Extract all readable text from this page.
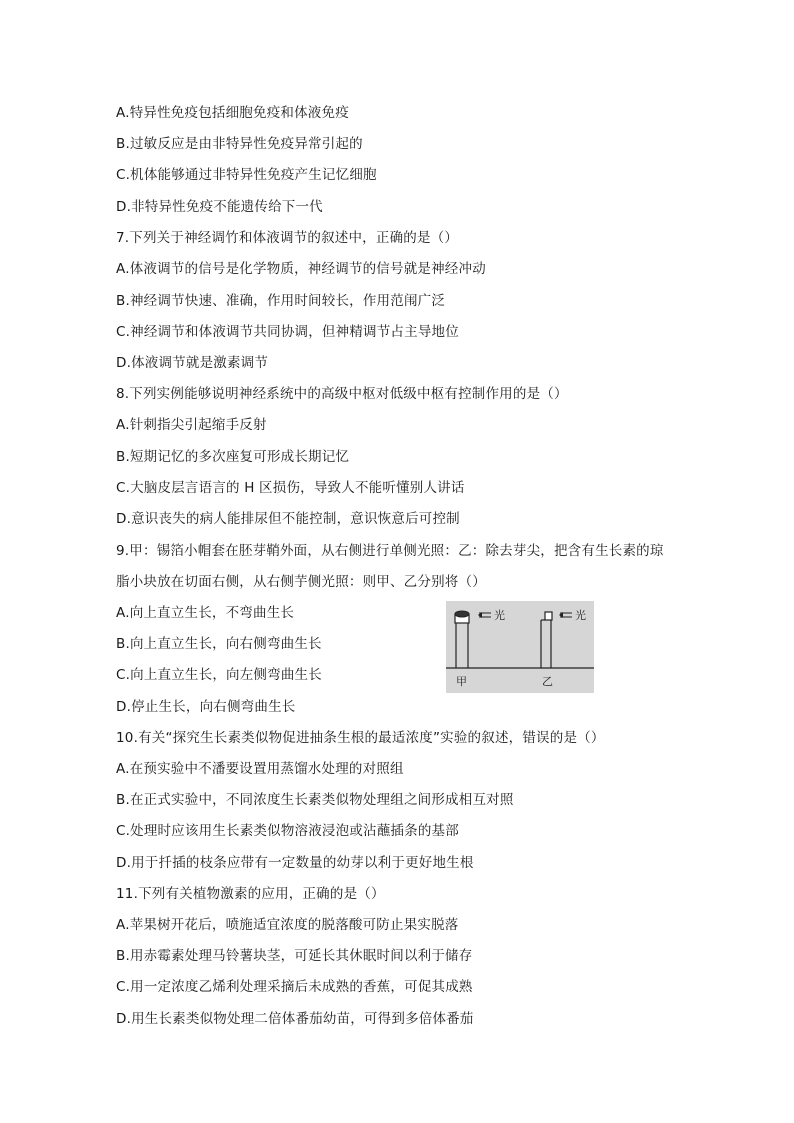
A.特异性免疫包括细胞免疫和体液免疫
B.过敏反应是由非特异性免疫异常引起的
C.机体能够通过非特异性免疫产生记忆细胞
D.非特异性免疫不能遗传给下一代
7.下列关于神经调竹和体液调节的叙述中，正确的是（）
A.体液调节的信号是化学物质，神经调节的信号就是神经冲动
B.神经调节快速、准确，作用时间较长，作用范闱广泛
C.神经调节和体液调节共同协调，但神精调节占主导地位
D.体液调节就是激素调节
8.下列实例能够说明神经系统中的高级中枢对低级中枢有控制作用的是（）
A.针刺指尖引起缩手反射
B.短期记忆的多次座复可形成长期记忆
C.大脑皮层言语言的 H 区损伤，导致人不能听懂别人讲话
D.意识丧失的病人能排尿但不能控制，意识恢意后可控制
9.甲：锡箔小帽套在胚芽鞘外面，从右侧进行单侧光照：乙：除去芽尖，把含有生长素的琼
脂小块放在切面右侧，从右侧芋侧光照：则甲、乙分别将（）
A.向上直立生长，不弯曲生长
B.向上直立生长，向右侧弯曲生长
C.向上直立生长，向左侧弯曲生长
D.停止生长，向右侧弯曲生长
10.有关“探究生长素类似物促进抽条生根的最适浓度”实验的叙述，错误的是（）
A.在预实验中不潘要设置用蒸馏水处理的对照组
B.在正式实验中，不同浓度生长素类似物处理组之间形成相互对照
C.处理时应该用生长素类似物溶液浸泡或沾蘸插条的基部
D.用于扦插的枝条应带有一定数量的幼芽以利于更好地生根
11.下列有关植物激素的应用，正确的是（）
A.苹果树开花后，喷施适宜浓度的脱落酸可防止果实脱落
B.用赤霉素处理马铃薯块茎，可延长其休眠时间以利于储存
C.用一定浓度乙烯利处理采摘后未成熟的香蕉，可促其成熟
D.用生长素类似物处理二倍体番茄幼苗，可得到多倍体番茄
光	光
甲	乙
